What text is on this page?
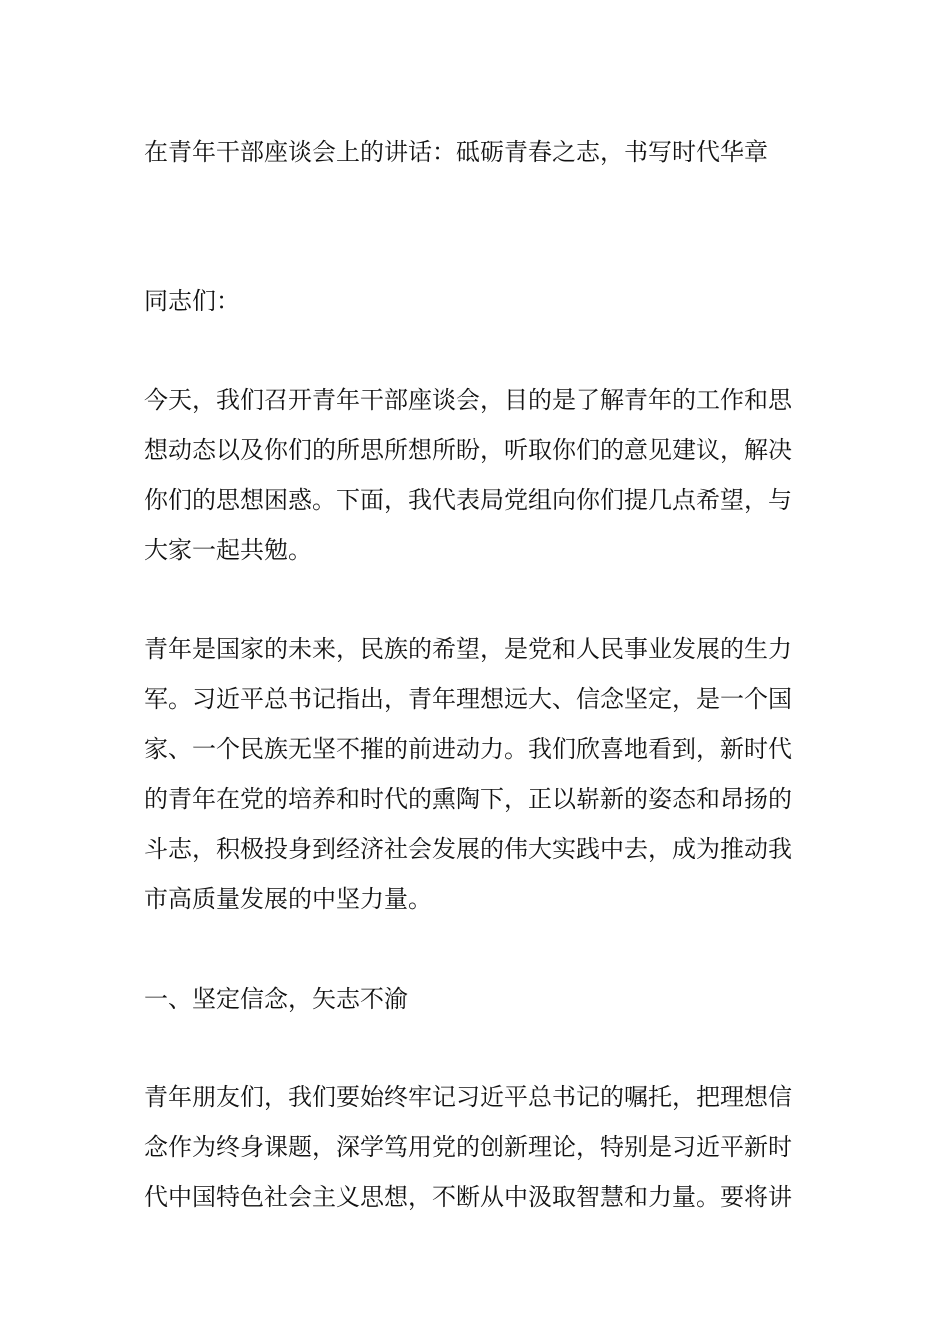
在青年干部座谈会上的讲话：砥砺青春之志，书写时代华章

同志们：

今天，我们召开青年干部座谈会，目的是了解青年的工作和思想动态以及你们的所思所想所盼，听取你们的意见建议，解决你们的思想困惑。下面，我代表局党组向你们提几点希望，与大家一起共勉。

青年是国家的未来，民族的希望，是党和人民事业发展的生力军。习近平总书记指出，青年理想远大、信念坚定，是一个国家、一个民族无坚不摧的前进动力。我们欣喜地看到，新时代的青年在党的培养和时代的熏陶下，正以崭新的姿态和昂扬的斗志，积极投身到经济社会发展的伟大实践中去，成为推动我市高质量发展的中坚力量。

一、坚定信念，矢志不渝

青年朋友们，我们要始终牢记习近平总书记的嘱托，把理想信念作为终身课题，深学笃用党的创新理论，特别是习近平新时代中国特色社会主义思想，不断从中汲取智慧和力量。要将讲
